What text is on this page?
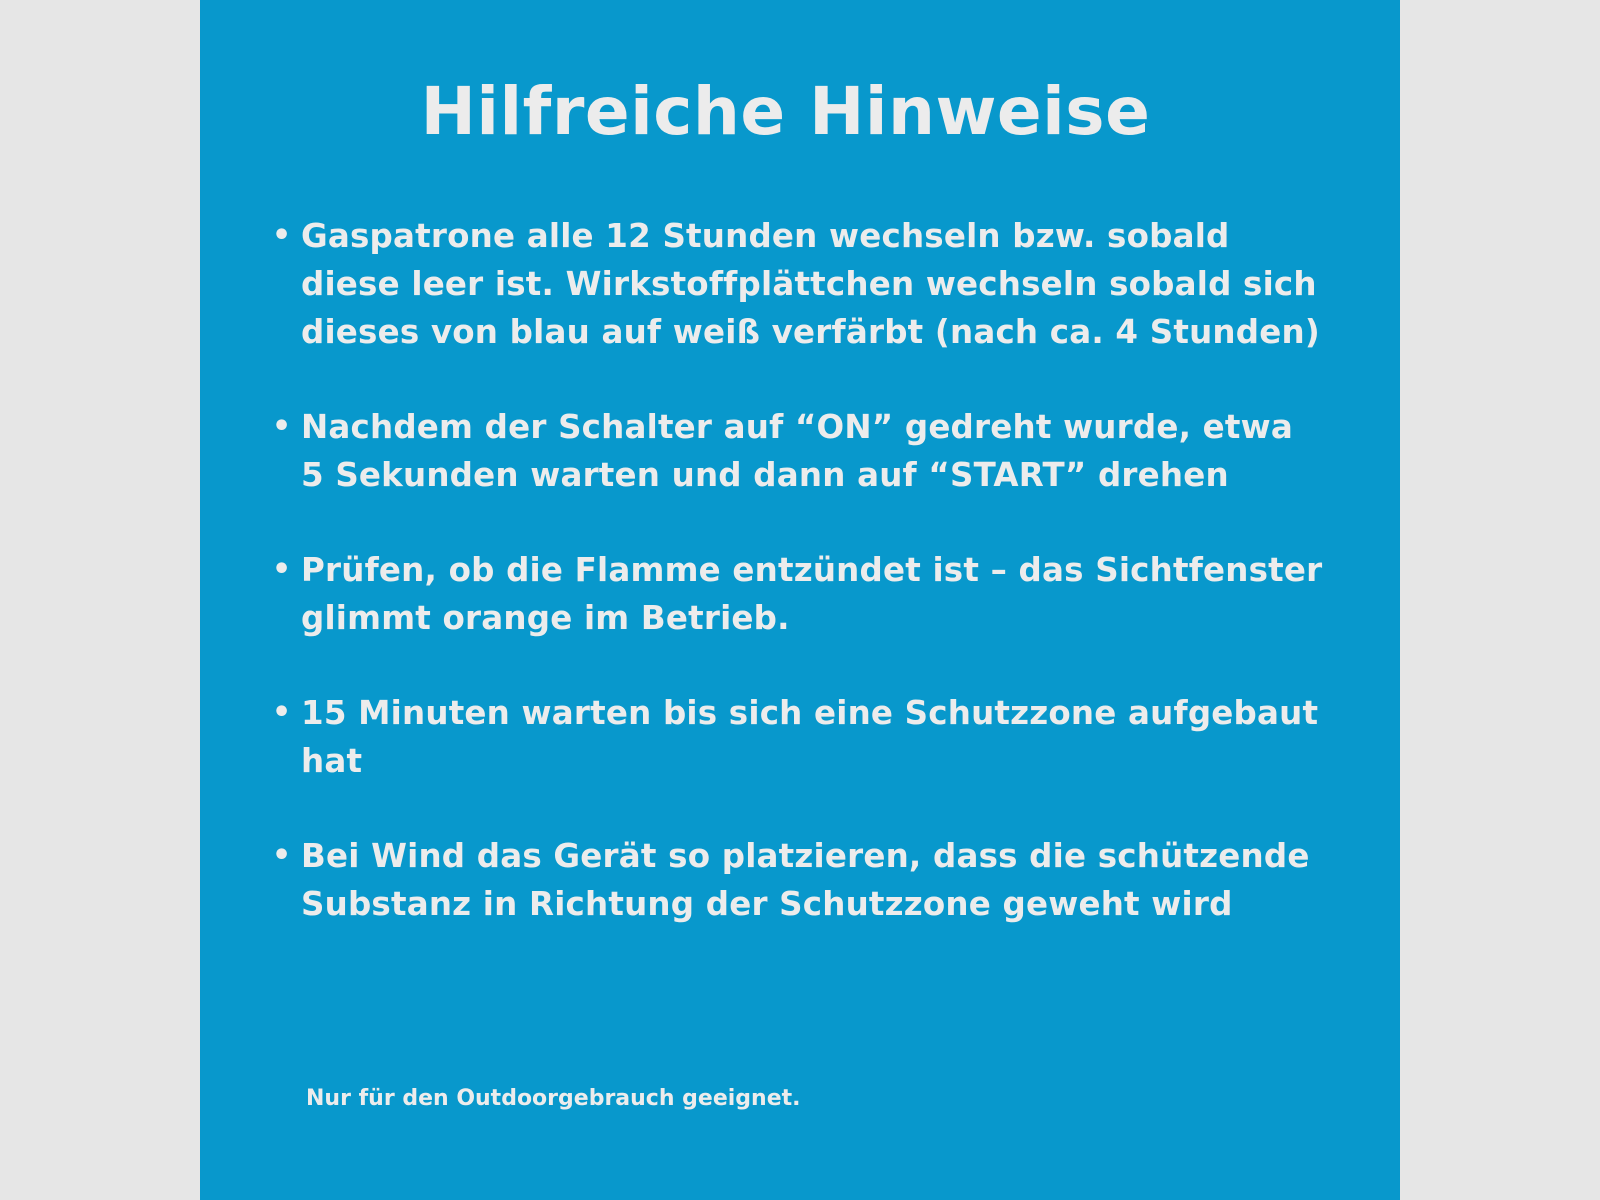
Hilfreiche Hinweise
• Gaspatrone alle 12 Stunden wechseln bzw. sobald
diese leer ist. Wirkstoffplättchen wechseln sobald sich
dieses von blau auf weiß verfärbt (nach ca. 4 Stunden)
• Nachdem der Schalter auf “ON” gedreht wurde, etwa
5 Sekunden warten und dann auf “START” drehen
• Prüfen, ob die Flamme entzündet ist – das Sichtfenster
glimmt orange im Betrieb.
• 15 Minuten warten bis sich eine Schutzzone aufgebaut
hat
• Bei Wind das Gerät so platzieren, dass die schützende
Substanz in Richtung der Schutzzone geweht wird

Nur für den Outdoorgebrauch geeignet.
